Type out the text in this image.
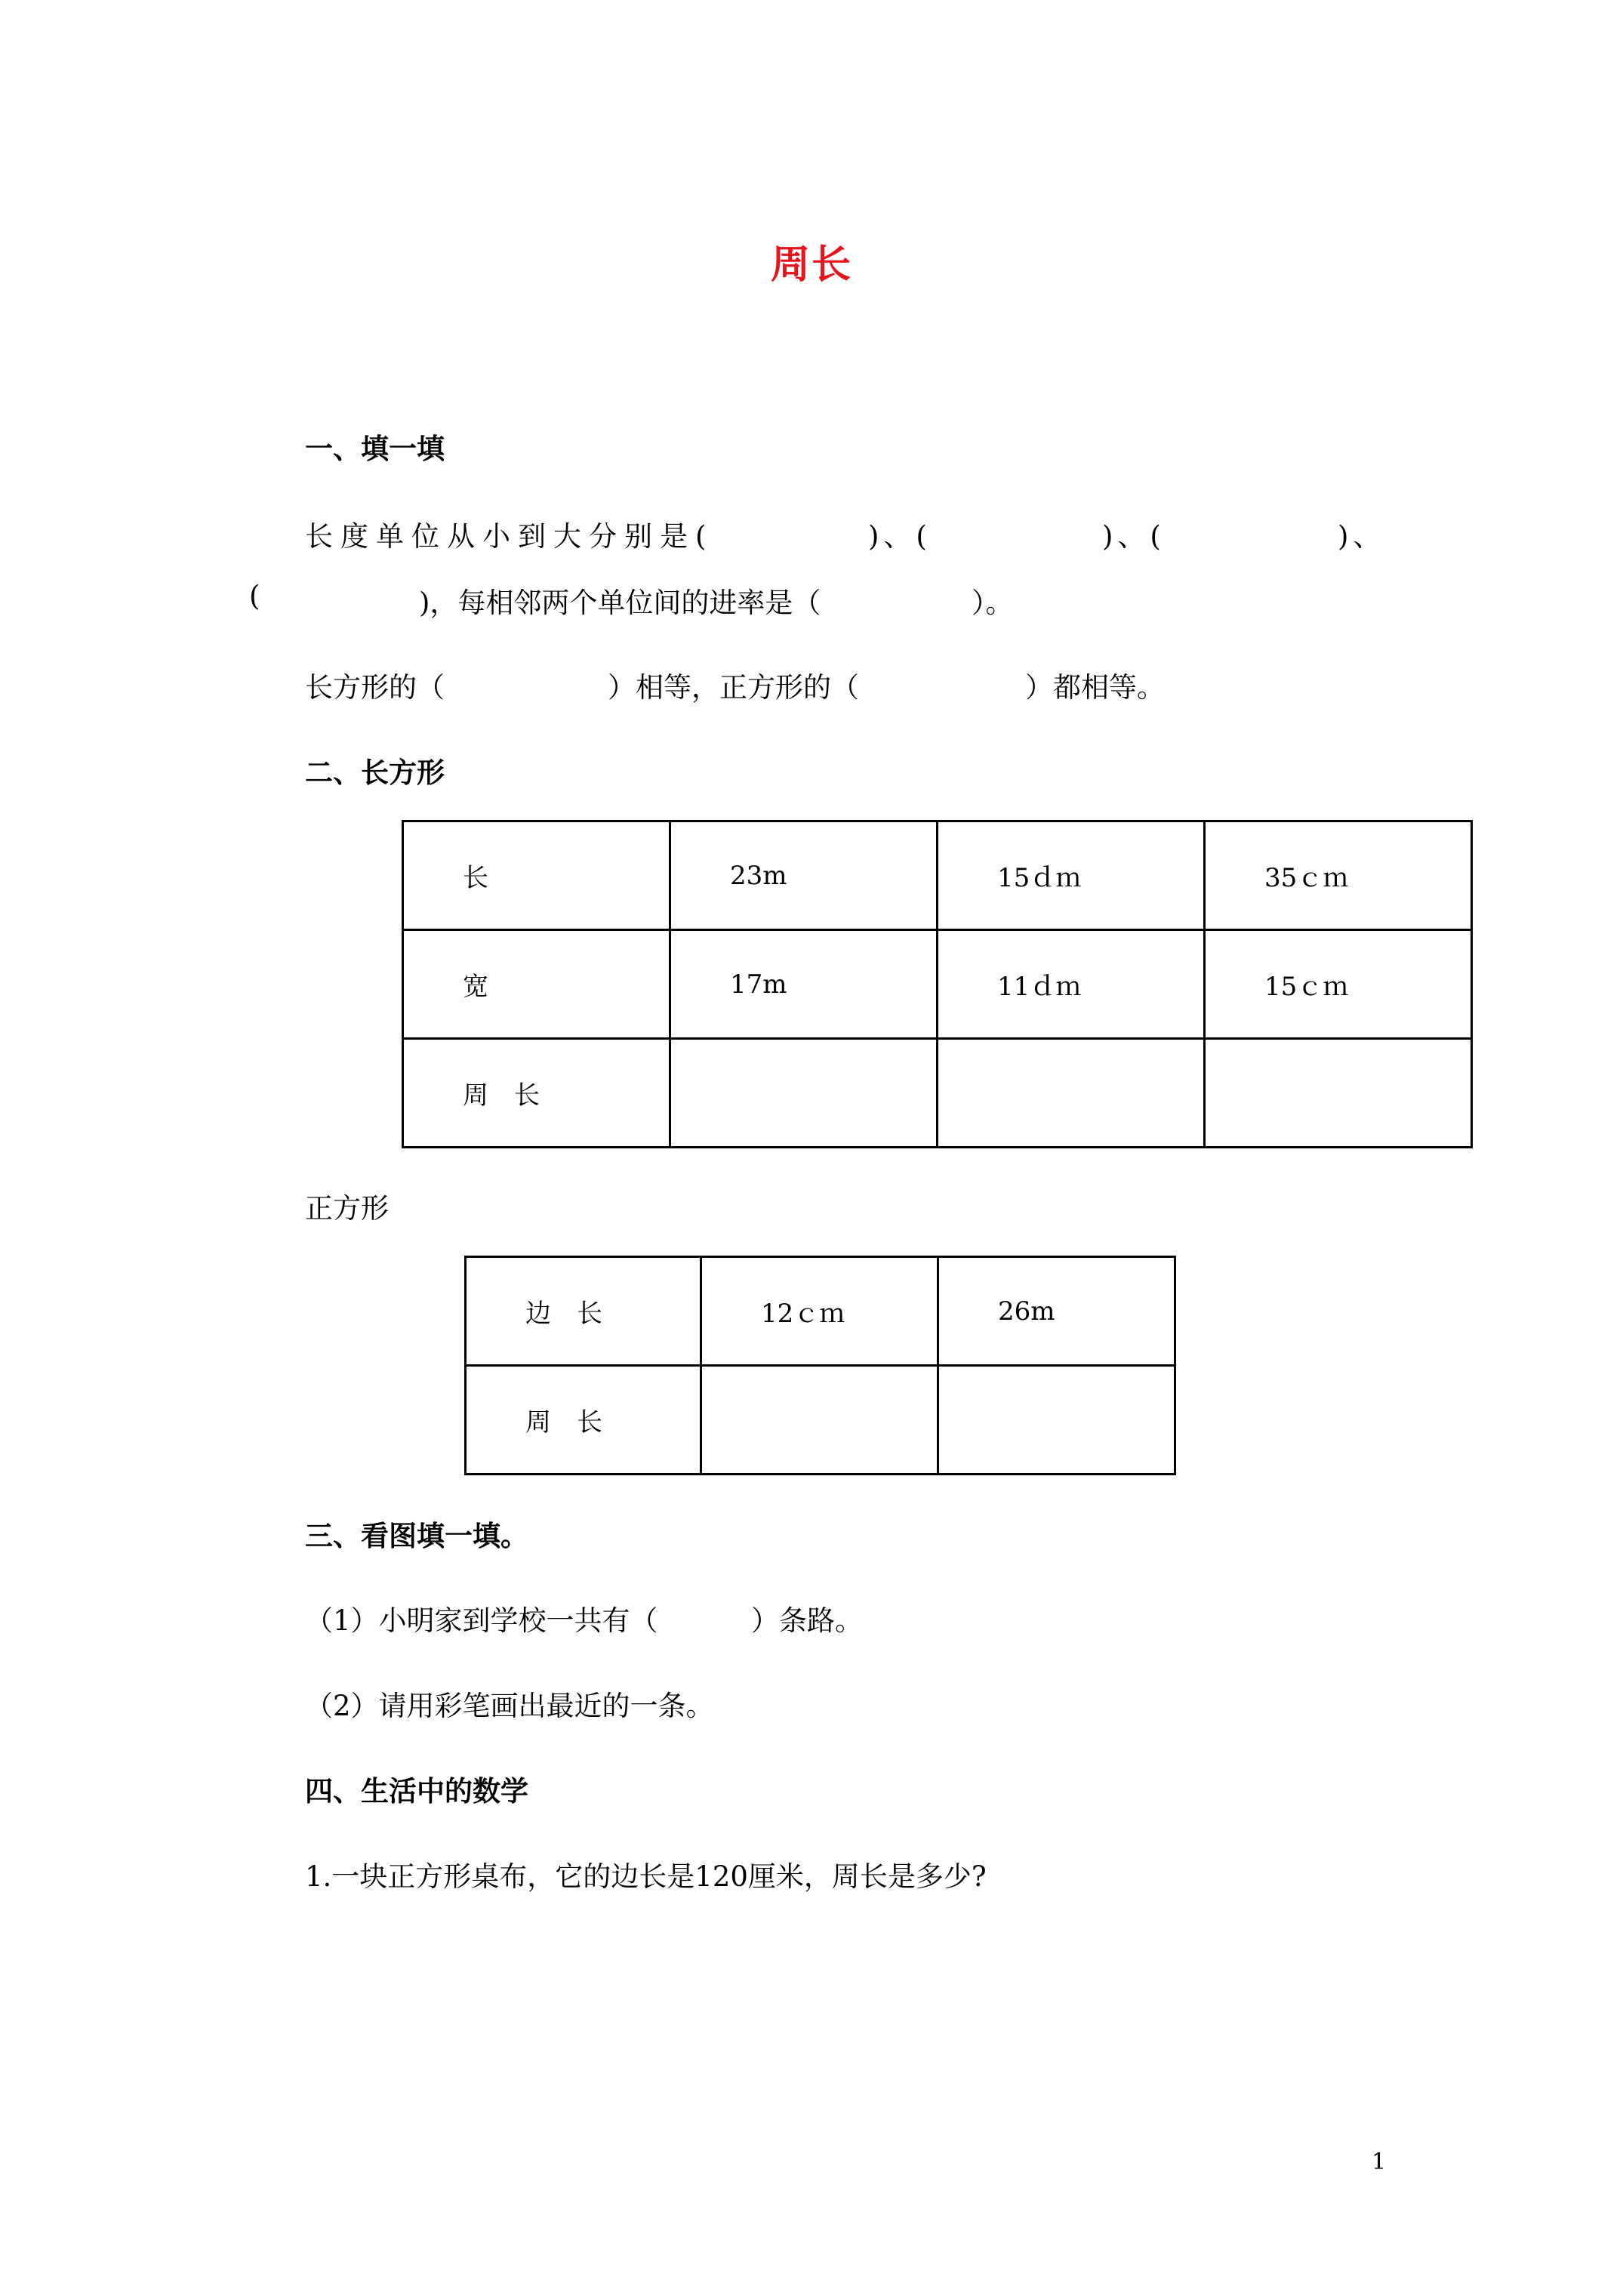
周长
一、填一填
长度单位从小到大分别是(	)、(	)、(	)、
(	)，每相邻两个单位间的进率是（	）。
长方形的（	）相等，正方形的（	）都相等。
二、长方形
长	23m	15ｄｍ	35ｃｍ
宽	17m	11ｄｍ	15ｃｍ
周　长			
正方形
边　长	12ｃｍ	26m
周　长		
三、看图填一填。
（1）小明家到学校一共有（	）条路。
（2）请用彩笔画出最近的一条。
四、生活中的数学
1.一块正方形桌布，它的边长是120厘米，周长是多少?
1
